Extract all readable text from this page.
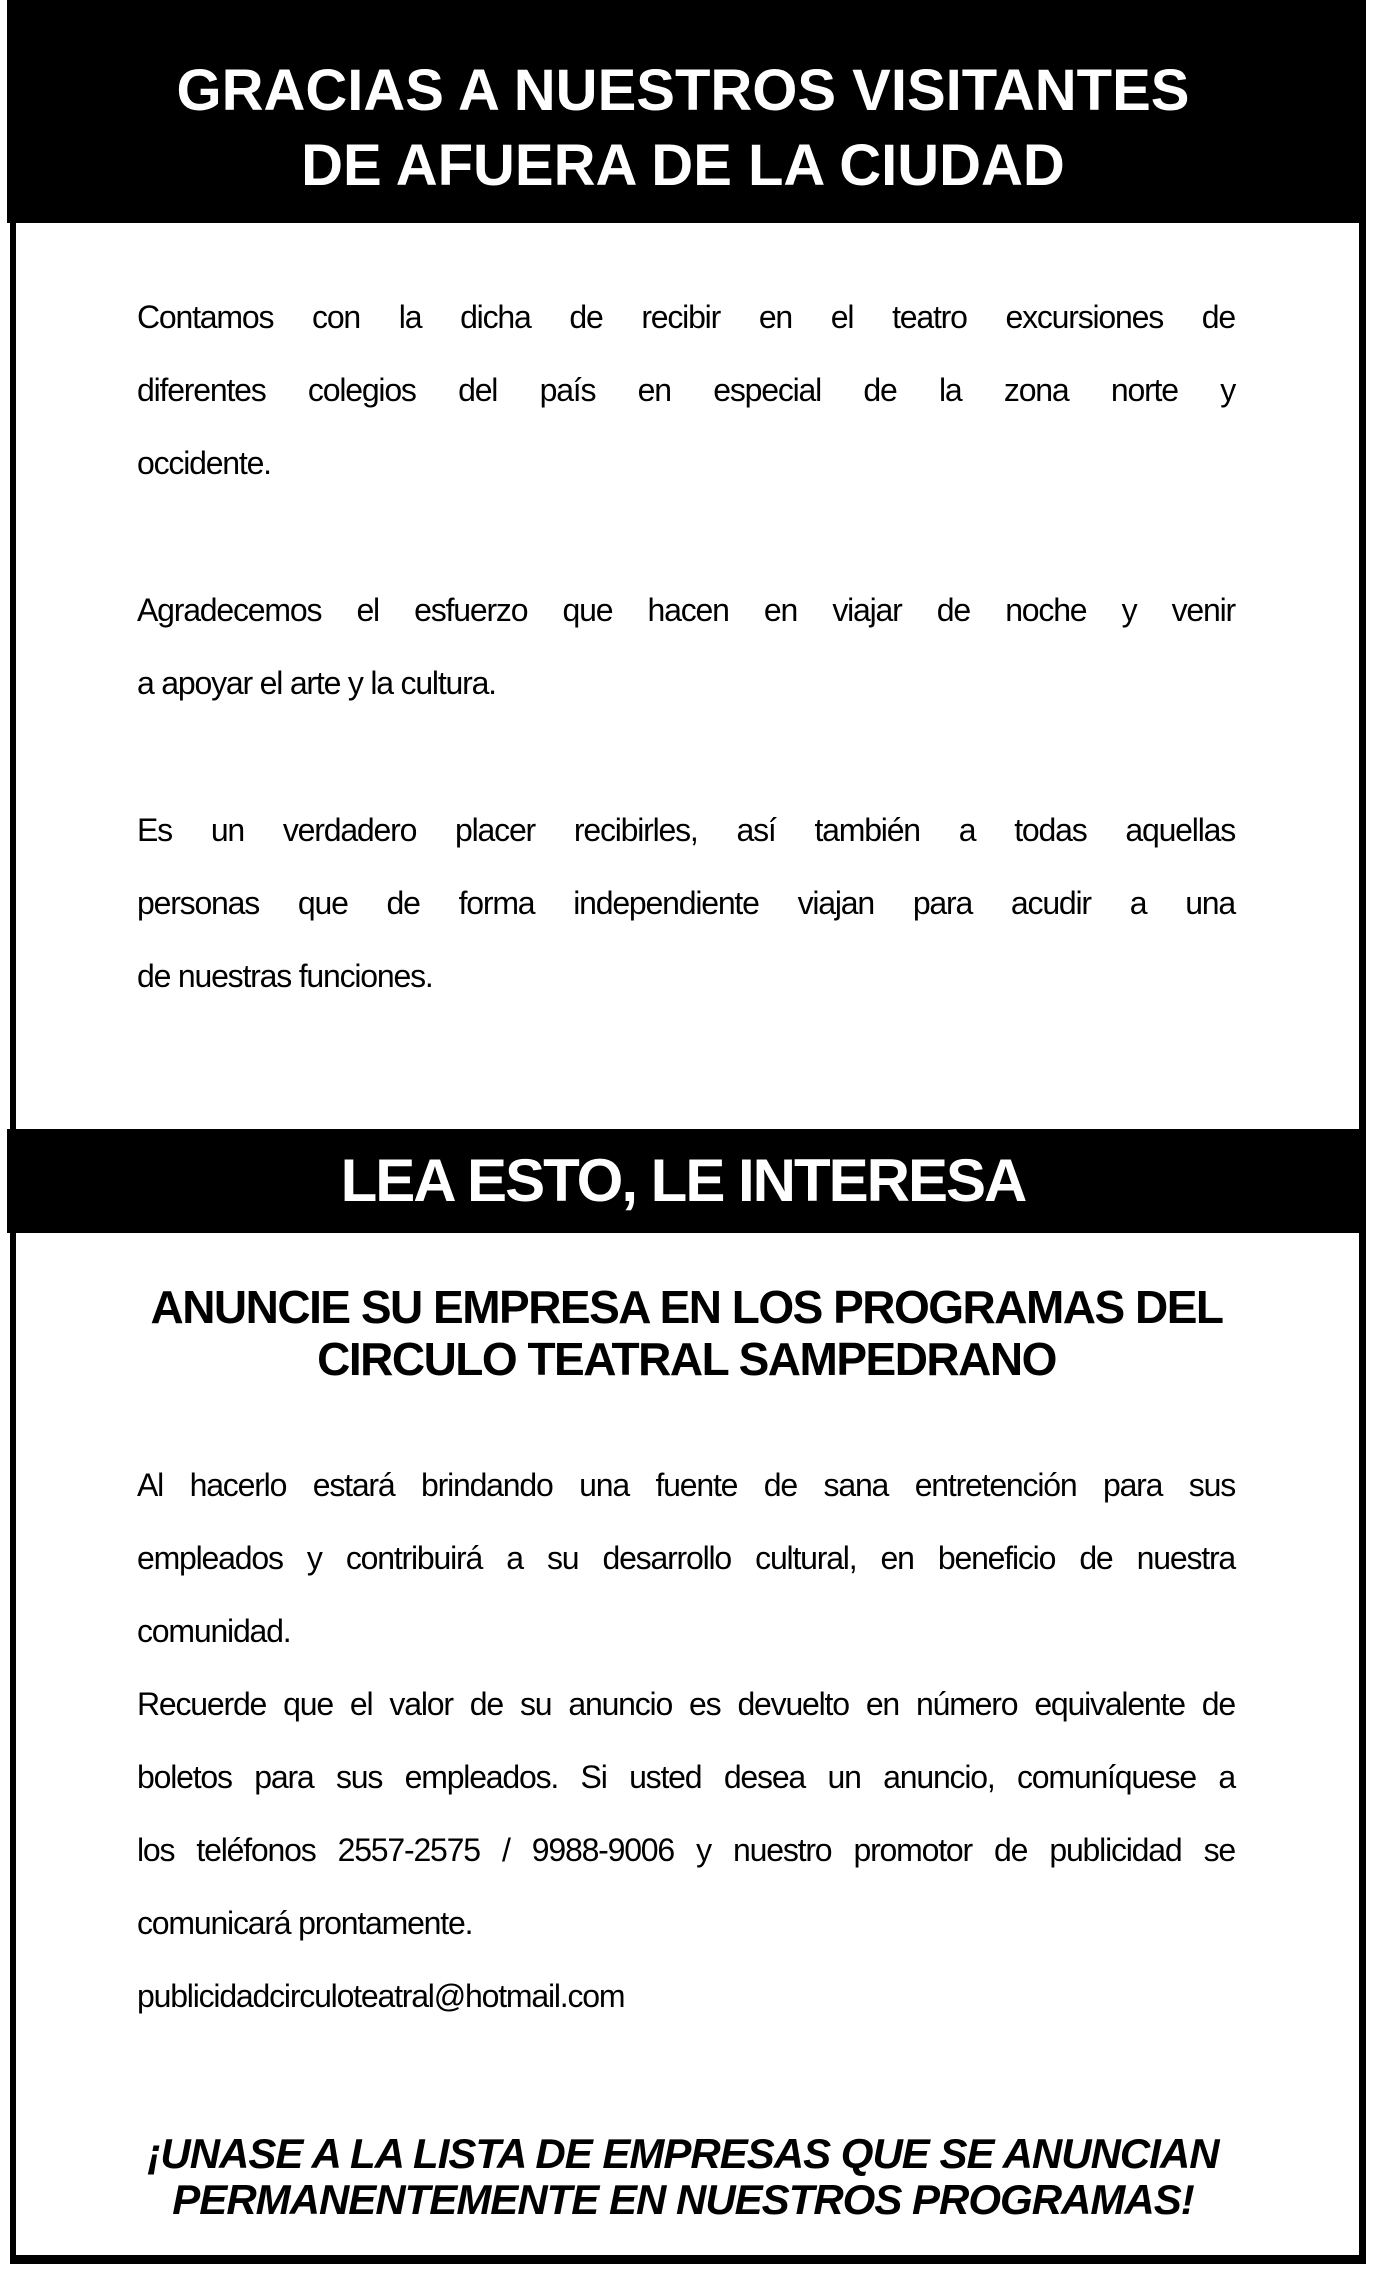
GRACIAS A NUESTROS VISITANTES
DE AFUERA DE LA CIUDAD
Contamos con la dicha de recibir en el teatro excursiones de
diferentes colegios del país en especial de la zona norte y
occidente.
Agradecemos el esfuerzo que hacen en viajar de noche y venir
a apoyar el arte y la cultura.
Es un verdadero placer recibirles, así también a todas aquellas
personas que de forma independiente viajan para acudir a una
de nuestras funciones.
LEA ESTO, LE INTERESA
ANUNCIE SU EMPRESA EN LOS PROGRAMAS DEL
CIRCULO TEATRAL SAMPEDRANO
Al hacerlo estará brindando una fuente de sana entretención para sus
empleados y contribuirá a su desarrollo cultural, en beneficio de nuestra
comunidad.
Recuerde que el valor de su anuncio es devuelto en número equivalente de
boletos para sus empleados. Si usted desea un anuncio, comuníquese a
los teléfonos 2557-2575 / 9988-9006 y nuestro promotor de publicidad se
comunicará prontamente.
publicidadcirculoteatral@hotmail.com
¡UNASE A LA LISTA DE EMPRESAS QUE SE ANUNCIAN
PERMANENTEMENTE EN NUESTROS PROGRAMAS!
